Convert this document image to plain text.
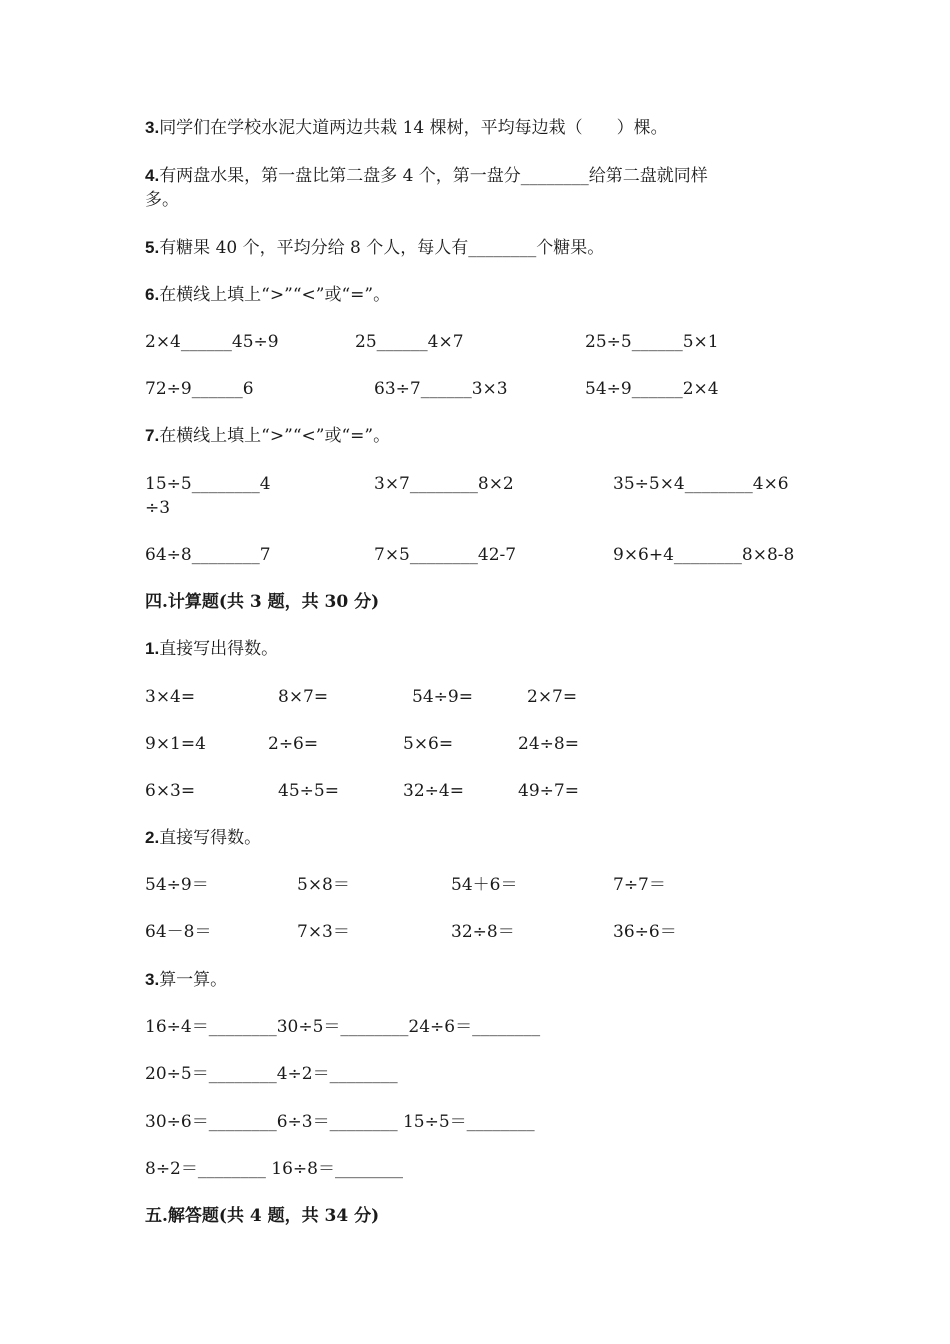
3.同学们在学校水泥大道两边共栽 14 棵树，平均每边栽（　　）棵。
4.有两盘水果，第一盘比第二盘多 4 个，第一盘分________给第二盘就同样
多。
5.有糖果 40 个，平均分给 8 个人，每人有________个糖果。
6.在横线上填上“>”“<”或“=”。
2×4______45÷9	25______4×7	25÷5______5×1
72÷9______6	63÷7______3×3	54÷9______2×4
7.在横线上填上“>”“<”或“=”。
15÷5________4	3×7________8×2	35÷5×4________4×6
÷3
64÷8________7	7×5________42-7	9×6+4________8×8-8
四.计算题(共 3 题，共 30 分)
1.直接写出得数。
3×4=	8×7=	54÷9=	2×7=
9×1=4	2÷6=	5×6=	24÷8=
6×3=	45÷5=	32÷4=	49÷7=
2.直接写得数。
54÷9＝	5×8＝	54＋6＝	7÷7＝
64－8＝	7×3＝	32÷8＝	36÷6＝
3.算一算。
16÷4＝________30÷5＝________24÷6＝________
20÷5＝________4÷2＝________
30÷6＝________6÷3＝________ 15÷5＝________
8÷2＝________ 16÷8＝________
五.解答题(共 4 题，共 34 分)
